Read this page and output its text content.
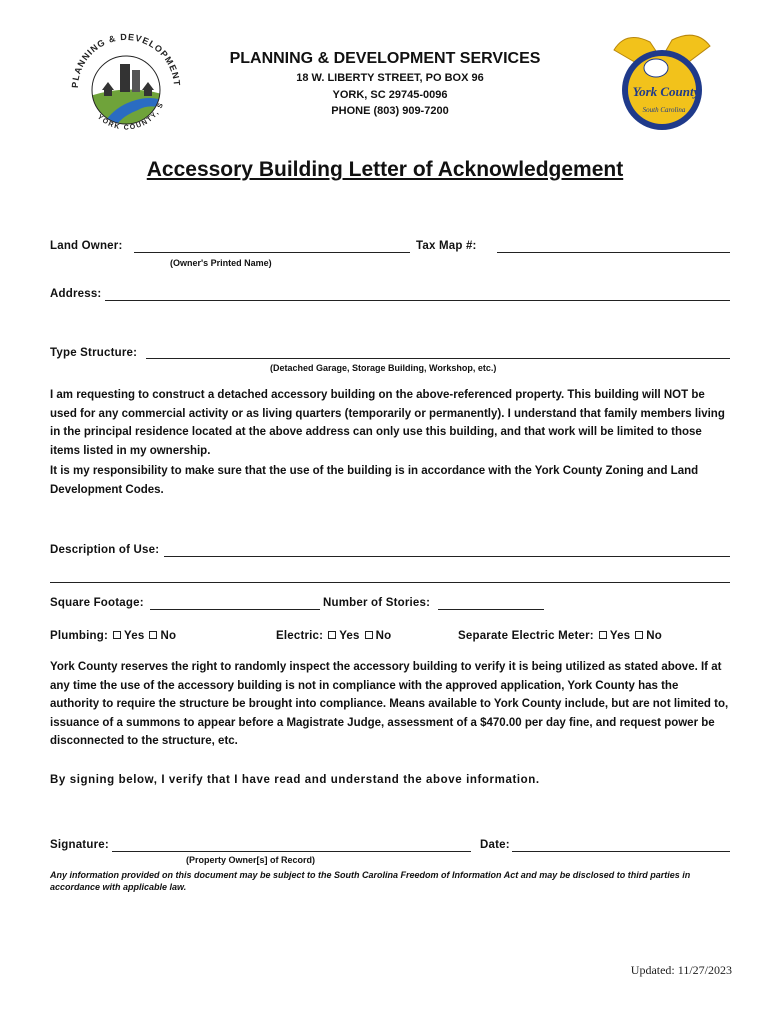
PLANNING & DEVELOPMENT
YORK COUNTY, S
York County
South Carolina
PLANNING & DEVELOPMENT SERVICES
18 W. LIBERTY STREET, PO BOX 96
YORK, SC 29745-0096
PHONE (803) 909-7200
Accessory Building Letter of Acknowledgement
Land Owner:	Tax Map #:
(Owner's Printed Name)
Address:
Type Structure:
(Detached Garage, Storage Building, Workshop, etc.)
I am requesting to construct a detached accessory building on the above-referenced property. This building will NOT be used for any commercial activity or as living quarters (temporarily or permanently). I understand that family members living in the principal residence located at the above address can only use this building, and that work will be limited to those items listed in my ownership.
It is my responsibility to make sure that the use of the building is in accordance with the York County Zoning and Land Development Codes.
Description of Use:
Square Footage:	Number of Stories:
Plumbing: Yes No	Electric: Yes No	Separate Electric Meter: Yes No
York County reserves the right to randomly inspect the accessory building to verify it is being utilized as stated above. If at any time the use of the accessory building is not in compliance with the approved application, York County has the authority to require the structure be brought into compliance. Means available to York County include, but are not limited to, issuance of a summons to appear before a Magistrate Judge, assessment of a $470.00 per day fine, and request power be disconnected to the structure, etc.
By signing below, I verify that I have read and understand the above information.
Signature:	Date:
(Property Owner[s] of Record)
Any information provided on this document may be subject to the South Carolina Freedom of Information Act and may be disclosed to third parties in accordance with applicable law.
Updated: 11/27/2023
